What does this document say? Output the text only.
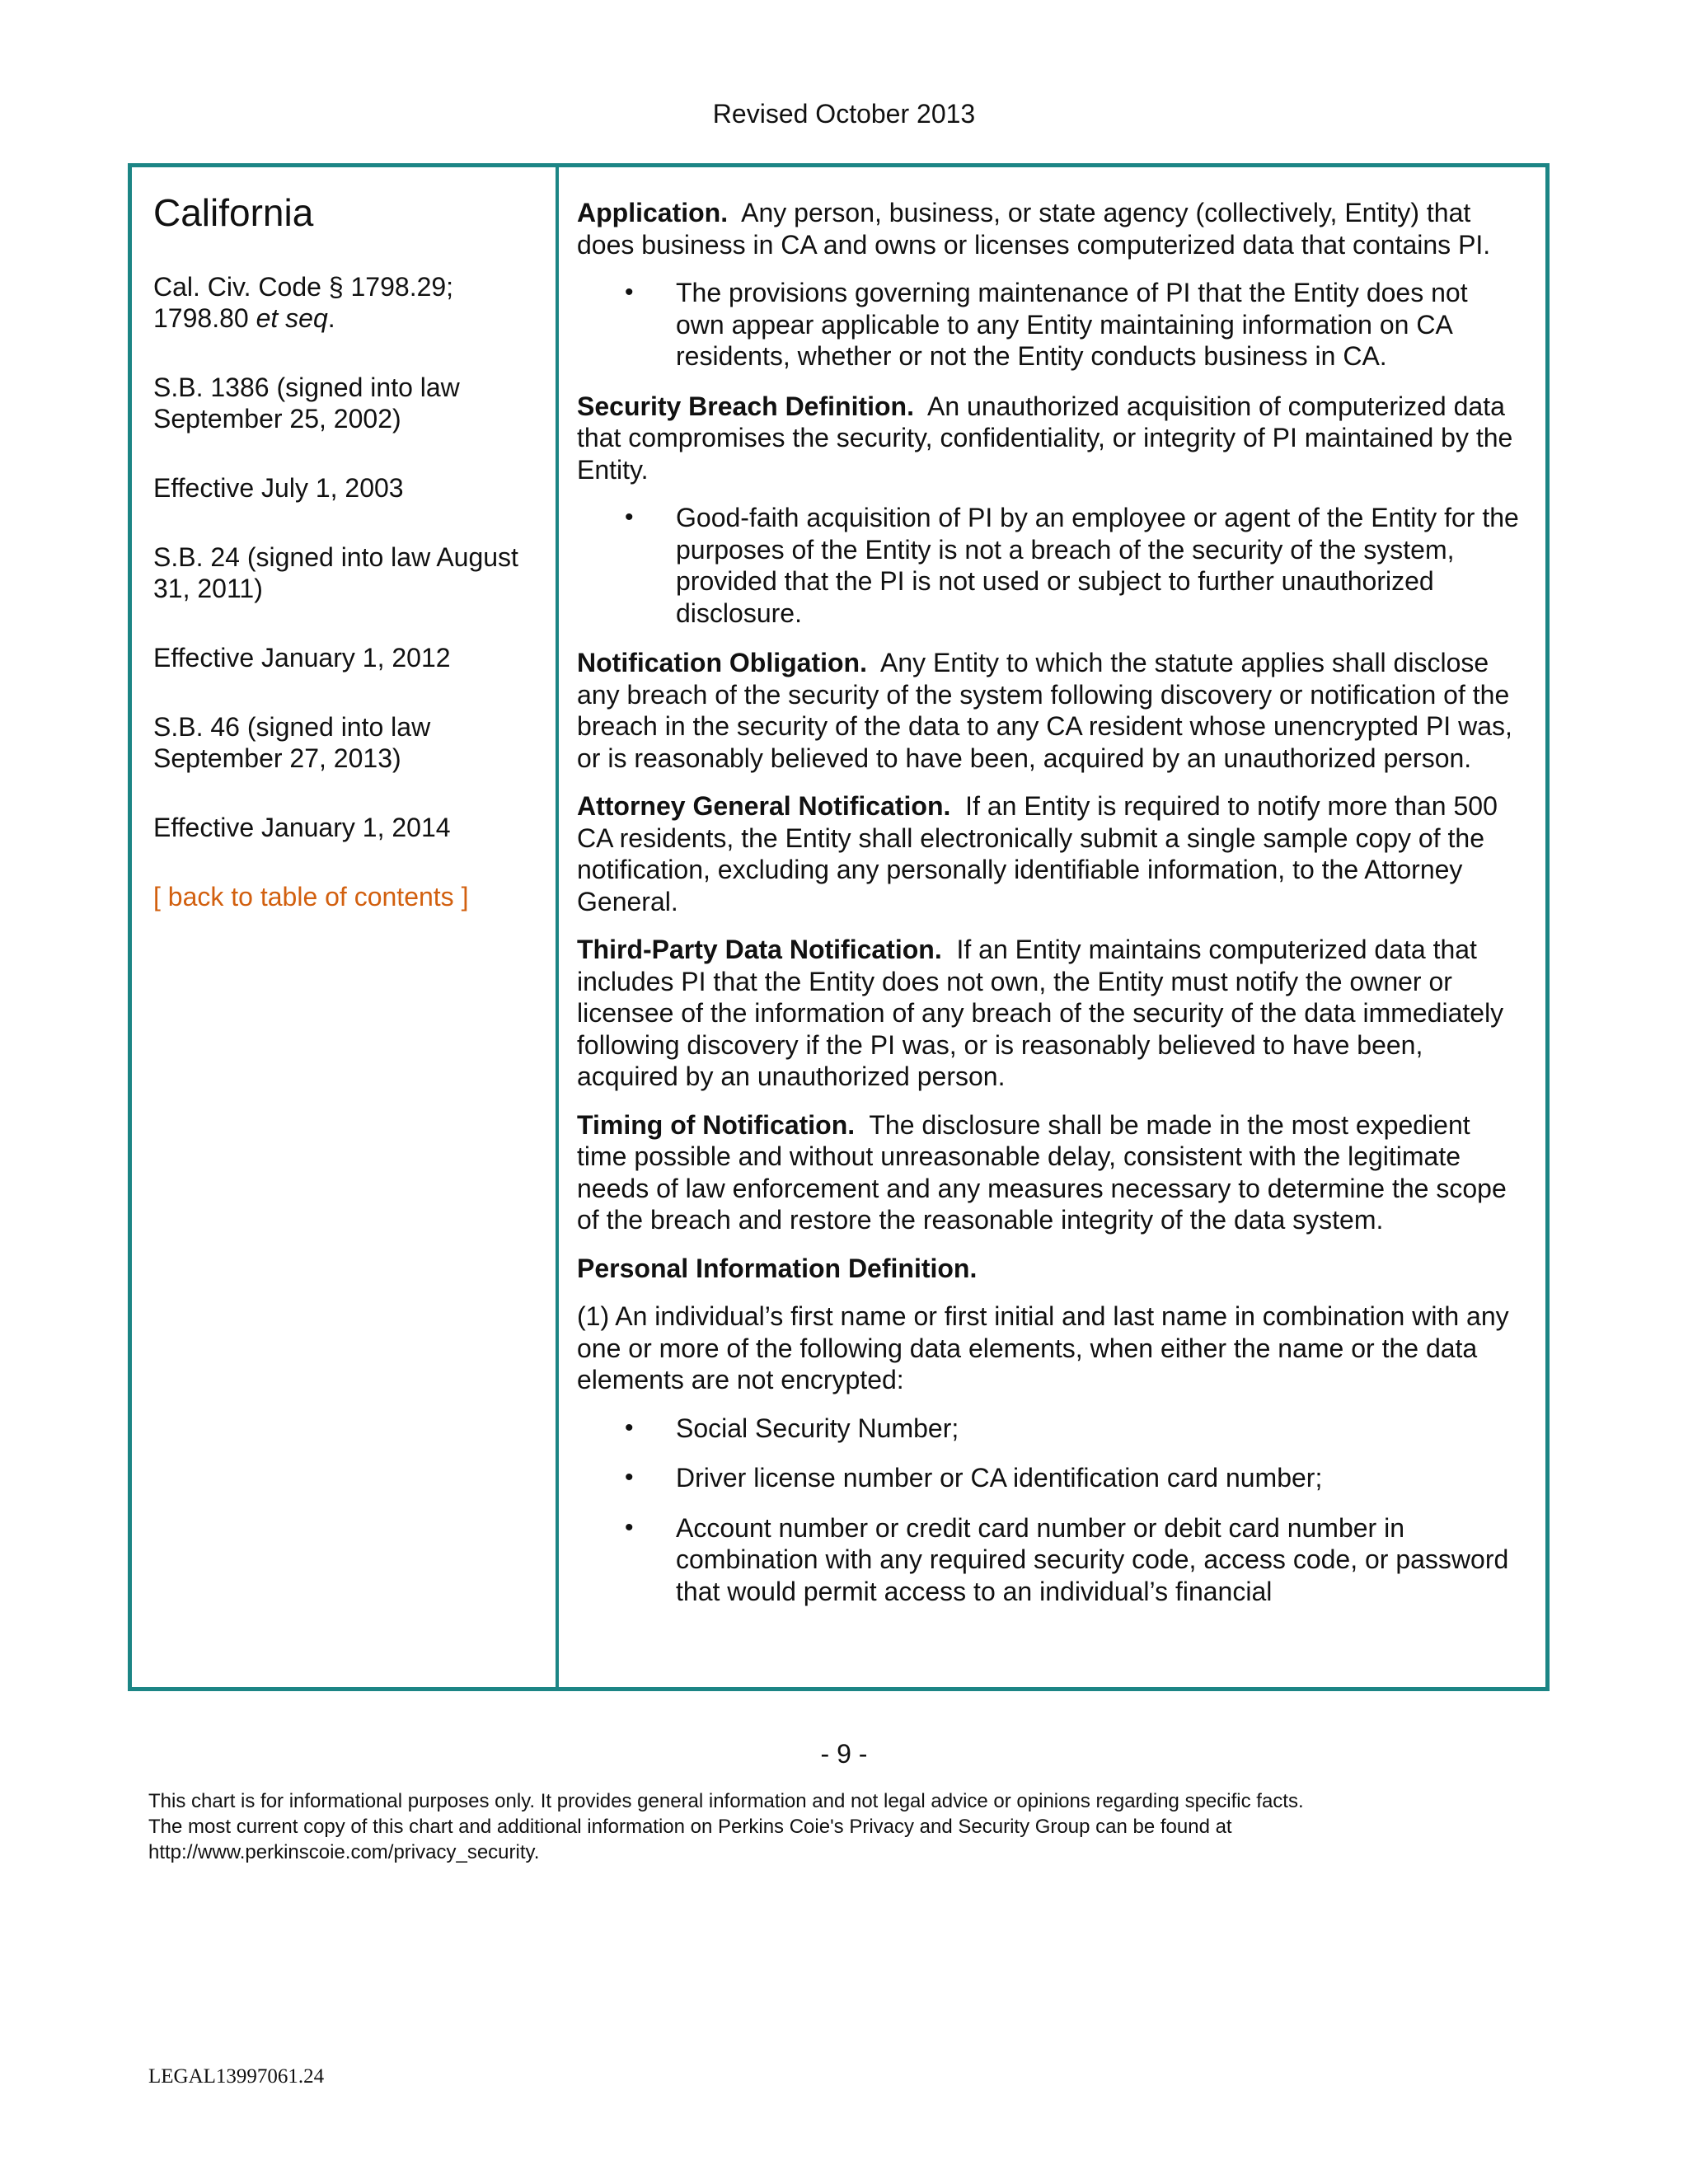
Revised October 2013
California

Cal. Civ. Code § 1798.29; 1798.80 et seq.

S.B. 1386 (signed into law September 25, 2002)

Effective July 1, 2003

S.B. 24 (signed into law August 31, 2011)

Effective January 1, 2012

S.B. 46 (signed into law September 27, 2013)

Effective January 1, 2014

[ back to table of contents ]

Application. Any person, business, or state agency (collectively, Entity) that does business in CA and owns or licenses computerized data that contains PI.

• The provisions governing maintenance of PI that the Entity does not own appear applicable to any Entity maintaining information on CA residents, whether or not the Entity conducts business in CA.

Security Breach Definition. An unauthorized acquisition of computerized data that compromises the security, confidentiality, or integrity of PI maintained by the Entity.

• Good-faith acquisition of PI by an employee or agent of the Entity for the purposes of the Entity is not a breach of the security of the system, provided that the PI is not used or subject to further unauthorized disclosure.

Notification Obligation. Any Entity to which the statute applies shall disclose any breach of the security of the system following discovery or notification of the breach in the security of the data to any CA resident whose unencrypted PI was, or is reasonably believed to have been, acquired by an unauthorized person.

Attorney General Notification. If an Entity is required to notify more than 500 CA residents, the Entity shall electronically submit a single sample copy of the notification, excluding any personally identifiable information, to the Attorney General.

Third-Party Data Notification. If an Entity maintains computerized data that includes PI that the Entity does not own, the Entity must notify the owner or licensee of the information of any breach of the security of the data immediately following discovery if the PI was, or is reasonably believed to have been, acquired by an unauthorized person.

Timing of Notification. The disclosure shall be made in the most expedient time possible and without unreasonable delay, consistent with the legitimate needs of law enforcement and any measures necessary to determine the scope of the breach and restore the reasonable integrity of the data system.

Personal Information Definition.

(1) An individual’s first name or first initial and last name in combination with any one or more of the following data elements, when either the name or the data elements are not encrypted:

• Social Security Number;
• Driver license number or CA identification card number;
• Account number or credit card number or debit card number in combination with any required security code, access code, or password that would permit access to an individual’s financial
- 9 -
This chart is for informational purposes only. It provides general information and not legal advice or opinions regarding specific facts.
The most current copy of this chart and additional information on Perkins Coie's Privacy and Security Group can be found at
http://www.perkinscoie.com/privacy_security.
LEGAL13997061.24
